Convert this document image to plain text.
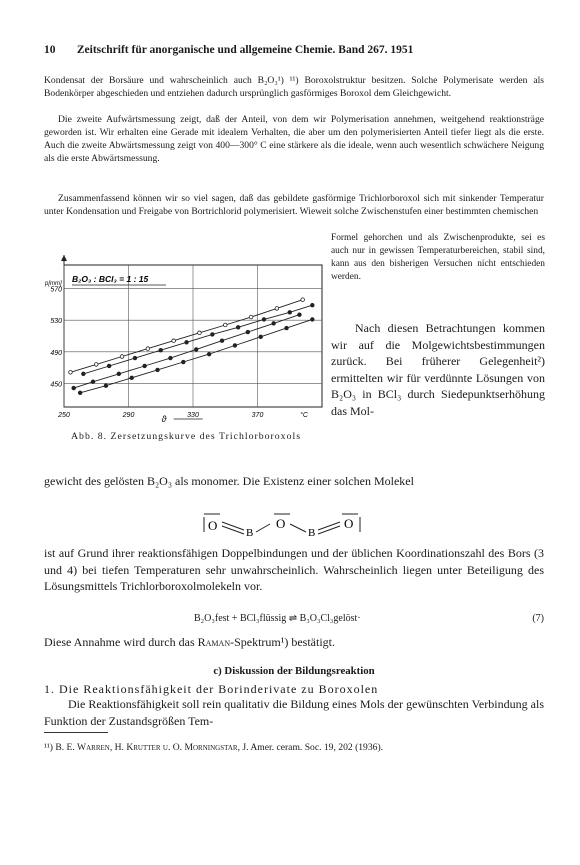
10 Zeitschrift für anorganische und allgemeine Chemie. Band 267. 1951

Kondensat der Borsäure und wahrscheinlich auch B₂O₃¹) ¹¹) Boroxolstruktur besitzen. Solche Polymerisate werden als Bodenkörper abgeschieden und entziehen dadurch ursprünglich gasförmiges Boroxol dem Gleichgewicht.

Die zweite Aufwärtsmessung zeigt, daß der Anteil, von dem wir Polymerisation annehmen, weitgehend reaktionsträge geworden ist. Wir erhalten eine Gerade mit idealem Verhalten, die aber um den polymerisierten Anteil tiefer liegt als die erste. Auch die zweite Abwärtsmessung zeigt von 400—300° C eine stärkere als die ideale, wenn auch wesentlich schwächere Neigung als die erste Abwärtsmessung.

Zusammenfassend können wir so viel sagen, daß das gebildete gasförmige Trichlorboroxol sich mit sinkender Temperatur unter Kondensation und Freigabe von Bortrichlorid polymerisiert. Wieweit solche Zwischenstufen einer bestimmten chemischen

450
490
530
570
250	290	330	370	°C
ϑ
p[mm] B₂O₃ : BCl₃ = 1 : 15
Abb. 8. Zersetzungskurve des Trichlorboroxols

Formel gehorchen und als Zwischenprodukte, sei es auch nur in gewissen Temperaturbereichen, stabil sind, kann aus den bisherigen Versuchen nicht entschieden werden.

Nach diesen Betrachtungen kommen wir auf die Molgewichtsbestimmungen zurück. Bei früherer Gelegenheit²) ermittelten wir für verdünnte Lösungen von B₂O₃ in BCl₃ durch Siedepunktserhöhung das Mol-

gewicht des gelösten B₂O₃ als monomer. Die Existenz einer solchen Molekel

O	B
O
B
O

ist auf Grund ihrer reaktionsfähigen Doppelbindungen und der üblichen Koordinationszahl des Bors (3 und 4) bei tiefen Temperaturen sehr unwahrscheinlich. Wahrscheinlich liegen unter Beteiligung des Lösungsmittels Trichlorboroxolmolekeln vor.

B₂O₃fest + BCl₃flüssig ⇌ B₃O₃Cl₃gelöst·	(7)

Diese Annahme wird durch das Raman-Spektrum¹) bestätigt.

c) Diskussion der Bildungsreaktion

1. Die Reaktionsfähigkeit der Borinderivate zu Boroxolen

Die Reaktionsfähigkeit soll rein qualitativ die Bildung eines Mols der gewünschten Verbindung als Funktion der Zustandsgrößen Tem-

¹¹) B. E. Warren, H. Krutter u. O. Morningstar, J. Amer. ceram. Soc. 19, 202 (1936).
